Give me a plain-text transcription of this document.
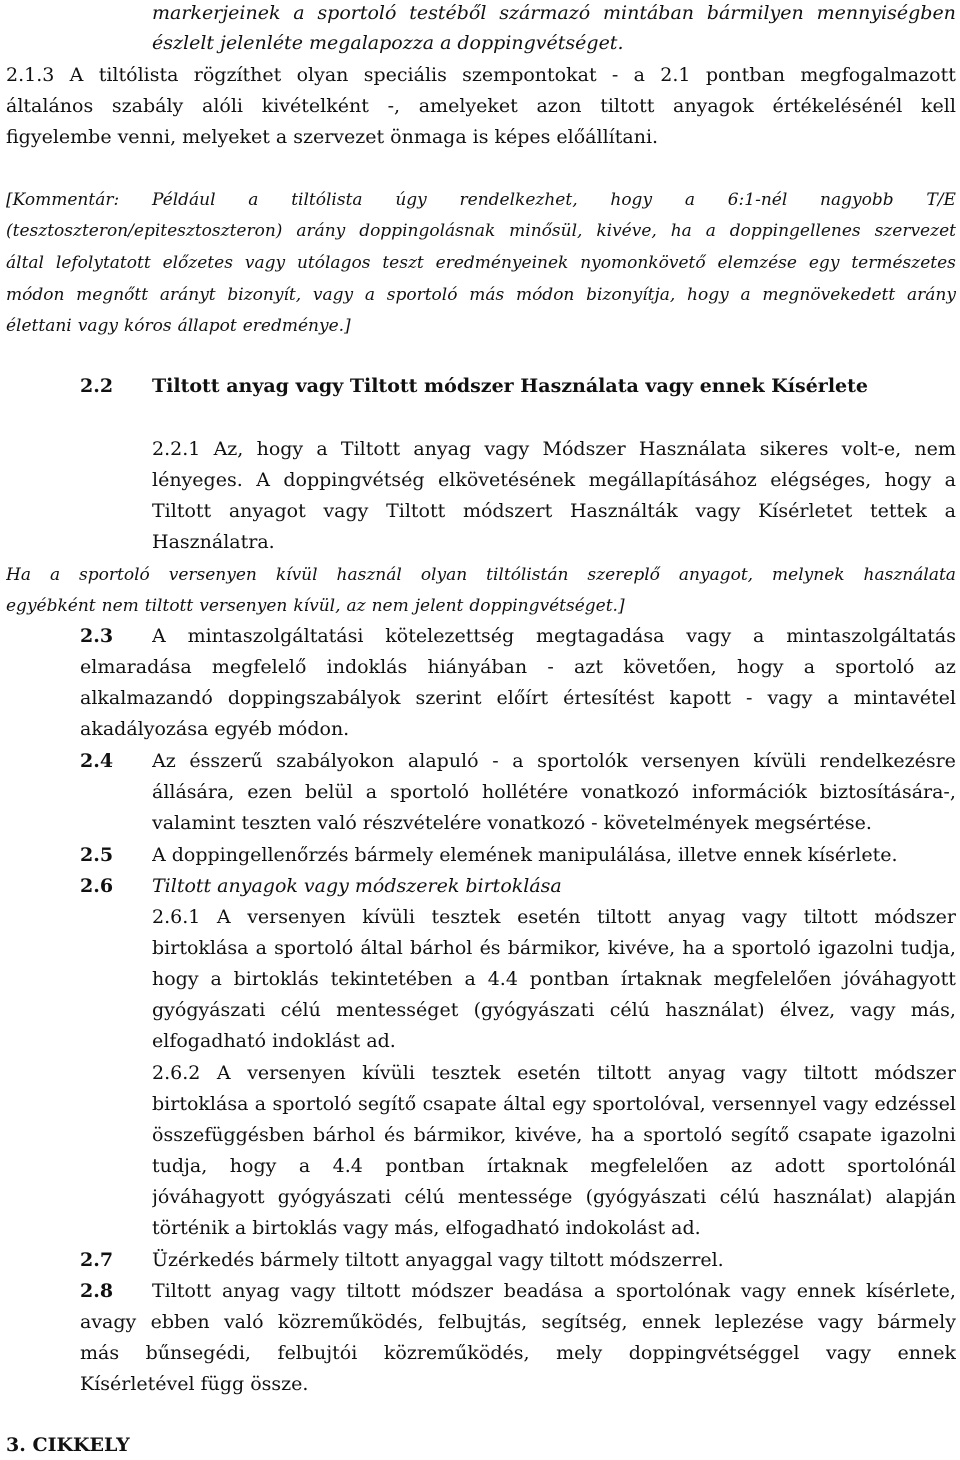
markerjeinek a sportoló testéből származó mintában bármilyen mennyiségben
észlelt jelenléte megalapozza a doppingvétséget.
2.1.3 A tiltólista rögzíthet olyan speciális szempontokat - a 2.1 pontban megfogalmazott
általános szabály alóli kivételként -, amelyeket azon tiltott anyagok értékelésénél kell
figyelembe venni, melyeket a szervezet önmaga is képes előállítani.
[Kommentár: Például a tiltólista úgy rendelkezhet, hogy a 6:1-nél nagyobb T/E
(tesztoszteron/epitesztoszteron) arány doppingolásnak minősül, kivéve, ha a doppingellenes szervezet
által lefolytatott előzetes vagy utólagos teszt eredményeinek nyomonkövető elemzése egy természetes
módon megnőtt arányt bizonyít, vagy a sportoló más módon bizonyítja, hogy a megnövekedett arány
élettani vagy kóros állapot eredménye.]
2.2 Tiltott anyag vagy Tiltott módszer Használata vagy ennek Kísérlete
2.2.1 Az, hogy a Tiltott anyag vagy Módszer Használata sikeres volt-e, nem
lényeges. A doppingvétség elkövetésének megállapításához elégséges, hogy a
Tiltott anyagot vagy Tiltott módszert Használták vagy Kísérletet tettek a
Használatra.
Ha a sportoló versenyen kívül használ olyan tiltólistán szereplő anyagot, melynek használata
egyébként nem tiltott versenyen kívül, az nem jelent doppingvétséget.]
2.3 A mintaszolgáltatási kötelezettség megtagadása vagy a mintaszolgáltatás
elmaradása megfelelő indoklás hiányában - azt követően, hogy a sportoló az
alkalmazandó doppingszabályok szerint előírt értesítést kapott - vagy a mintavétel
akadályozása egyéb módon.
2.4 Az ésszerű szabályokon alapuló - a sportolók versenyen kívüli rendelkezésre
állására, ezen belül a sportoló hollétére vonatkozó információk biztosítására-,
valamint teszten való részvételére vonatkozó - követelmények megsértése.
2.5 A doppingellenőrzés bármely elemének manipulálása, illetve ennek kísérlete.
2.6 Tiltott anyagok vagy módszerek birtoklása
2.6.1 A versenyen kívüli tesztek esetén tiltott anyag vagy tiltott módszer
birtoklása a sportoló által bárhol és bármikor, kivéve, ha a sportoló igazolni tudja,
hogy a birtoklás tekintetében a 4.4 pontban írtaknak megfelelően jóváhagyott
gyógyászati célú mentességet (gyógyászati célú használat) élvez, vagy más,
elfogadható indoklást ad.
2.6.2 A versenyen kívüli tesztek esetén tiltott anyag vagy tiltott módszer
birtoklása a sportoló segítő csapate által egy sportolóval, versennyel vagy edzéssel
összefüggésben bárhol és bármikor, kivéve, ha a sportoló segítő csapate igazolni
tudja, hogy a 4.4 pontban írtaknak megfelelően az adott sportolónál
jóváhagyott gyógyászati célú mentessége (gyógyászati célú használat) alapján
történik a birtoklás vagy más, elfogadható indokolást ad.
2.7 Üzérkedés bármely tiltott anyaggal vagy tiltott módszerrel.
2.8 Tiltott anyag vagy tiltott módszer beadása a sportolónak vagy ennek kísérlete,
avagy ebben való közreműködés, felbujtás, segítség, ennek leplezése vagy bármely
más bűnsegédi, felbujtói közreműködés, mely doppingvétséggel vagy ennek
Kísérletével függ össze.
3. CIKKELY
